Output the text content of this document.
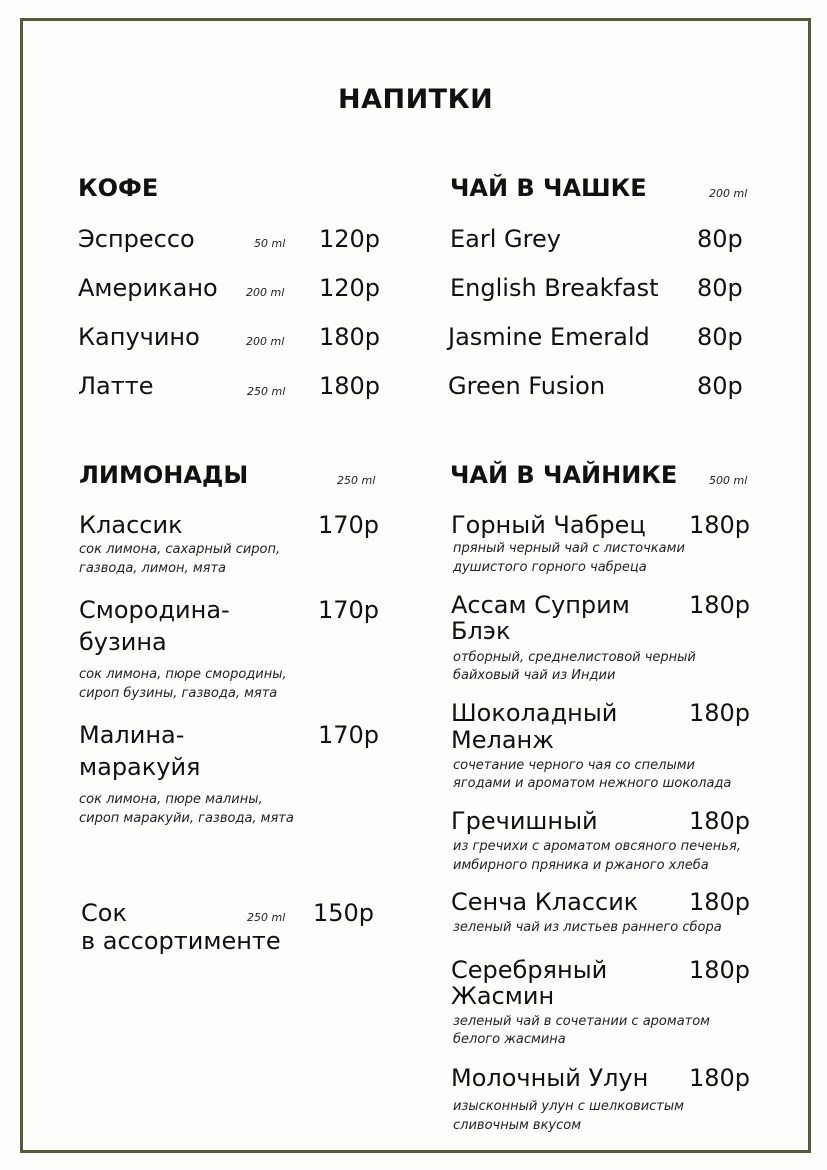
НАПИТКИ
КОФЕ
Эспрессо	50 ml 120р
Американо	200 ml 120р
Капучино	200 ml 180р
Латте	250 ml 180р
ЧАЙ В ЧАШКЕ	200 ml
Earl Grey	80р
English Breakfast 80р
Jasmine Emerald 80р
Green Fusion	80р
ЛИМОНАДЫ	250 ml
Классик	170р
сок лимона, сахарный сироп,
газвода, лимон, мята
Смородина-
бузина
170р
сок лимона, пюре смородины,
сироп бузины, газвода, мята
Малина-
маракуйя
170р
сок лимона, пюре малины,
сироп маракуйи, газвода, мята
Сок
в ассортименте
250 ml 150р
ЧАЙ В ЧАЙНИКЕ	500 ml
Горный Чабрец 180р
пряный черный чай с листочками
душистого горного чабреца
Ассам Суприм
Блэк
180р
отборный, среднелистовой черный
байховый чай из Индии
Шоколадный
Меланж
180р
сочетание черного чая со спелыми
ягодами и ароматом нежного шоколада
Гречишный	180р
из гречихи с ароматом овсяного печенья,
имбирного пряника и ржаного хлеба
Сенча Классик 180р
зеленый чай из листьев раннего сбора
Серебряный
Жасмин
180р
зеленый чай в сочетании с ароматом
белого жасмина
Молочный Улун 180р
изысконный улун с шелковистым
сливочным вкусом
